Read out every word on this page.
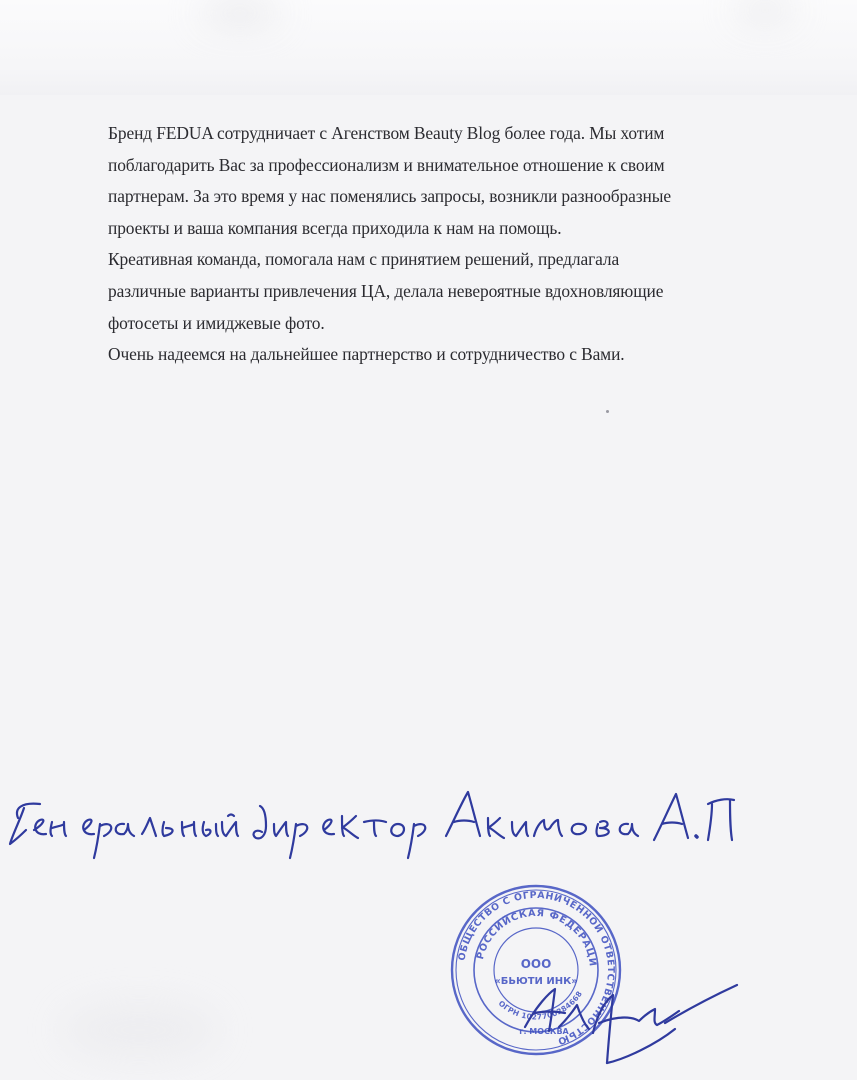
Бренд FEDUA сотрудничает с Агенством Beauty Blog более года. Мы хотим
поблагодарить Вас за профессионализм и внимательное отношение к своим
партнерам. За это время у нас поменялись запросы, возникли разнообразные
проекты и ваша компания всегда приходила к нам на помощь.
Креативная команда, помогала нам с принятием решений, предлагала
различные варианты привлечения ЦА, делала невероятные вдохновляющие
фотосеты и имиджевые фото.
Очень надеемся на дальнейшее партнерство и сотрудничество с Вами.
ОБЩЕСТВО С ОГРАНИЧЕННОЙ ОТВЕТСТВЕННОСТЬЮ
РОССИЙСКАЯ ФЕДЕРАЦИ
ОГРН 1027700284668
ООО
«БЬЮТИ ИНК»
г. МОСКВА
